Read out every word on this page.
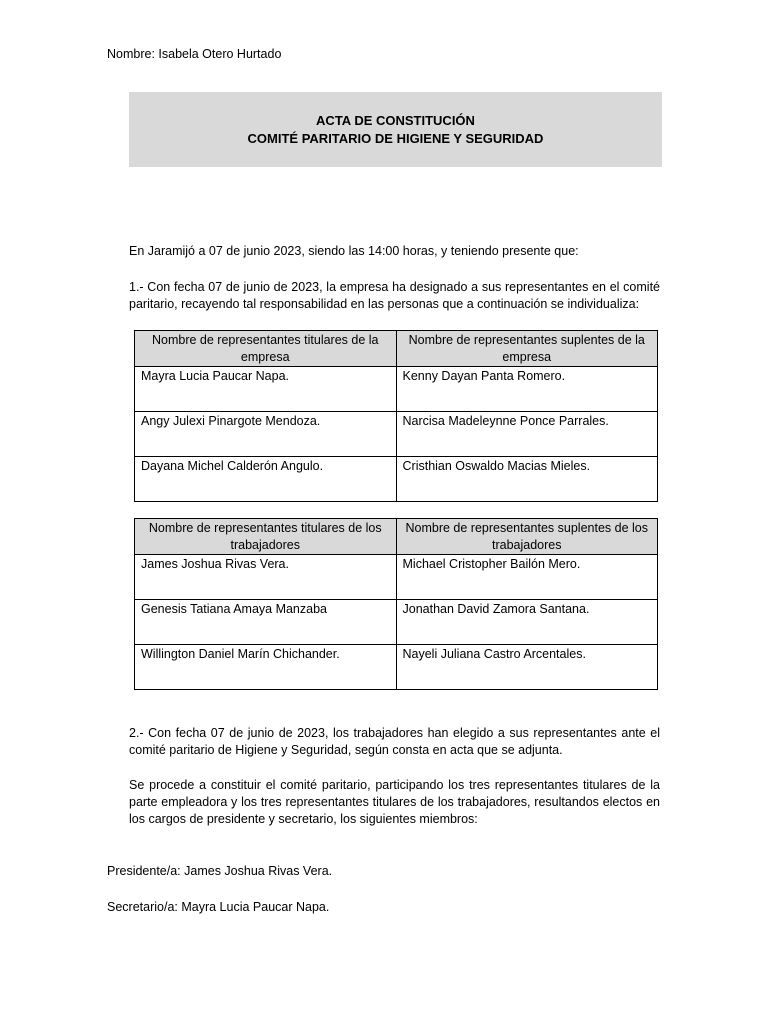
Nombre: Isabela Otero Hurtado
ACTA DE CONSTITUCIÓN
COMITÉ PARITARIO DE HIGIENE Y SEGURIDAD
En Jaramijó a 07 de junio 2023, siendo las 14:00 horas, y teniendo presente que:
1.- Con fecha 07 de junio de 2023, la empresa ha designado a sus representantes en el comité paritario, recayendo tal responsabilidad en las personas que a continuación se individualiza:
Nombre de representantes titulares de la empresa	Nombre de representantes suplentes de la empresa
Mayra Lucia Paucar Napa.	Kenny Dayan Panta Romero.
Angy Julexi Pinargote Mendoza.	Narcisa Madeleynne Ponce Parrales.
Dayana Michel Calderón Angulo.	Cristhian Oswaldo Macias Mieles.
Nombre de representantes titulares de los trabajadores	Nombre de representantes suplentes de los trabajadores
James Joshua Rivas Vera.	Michael Cristopher Bailón Mero.
Genesis Tatiana Amaya Manzaba	Jonathan David Zamora Santana.
Willington Daniel Marín Chichander.	Nayeli Juliana Castro Arcentales.
2.- Con fecha 07 de junio de 2023, los trabajadores han elegido a sus representantes ante el comité paritario de Higiene y Seguridad, según consta en acta que se adjunta.
Se procede a constituir el comité paritario, participando los tres representantes titulares de la parte empleadora y los tres representantes titulares de los trabajadores, resultandos electos en los cargos de presidente y secretario, los siguientes miembros:
Presidente/a: James Joshua Rivas Vera.
Secretario/a: Mayra Lucia Paucar Napa.
